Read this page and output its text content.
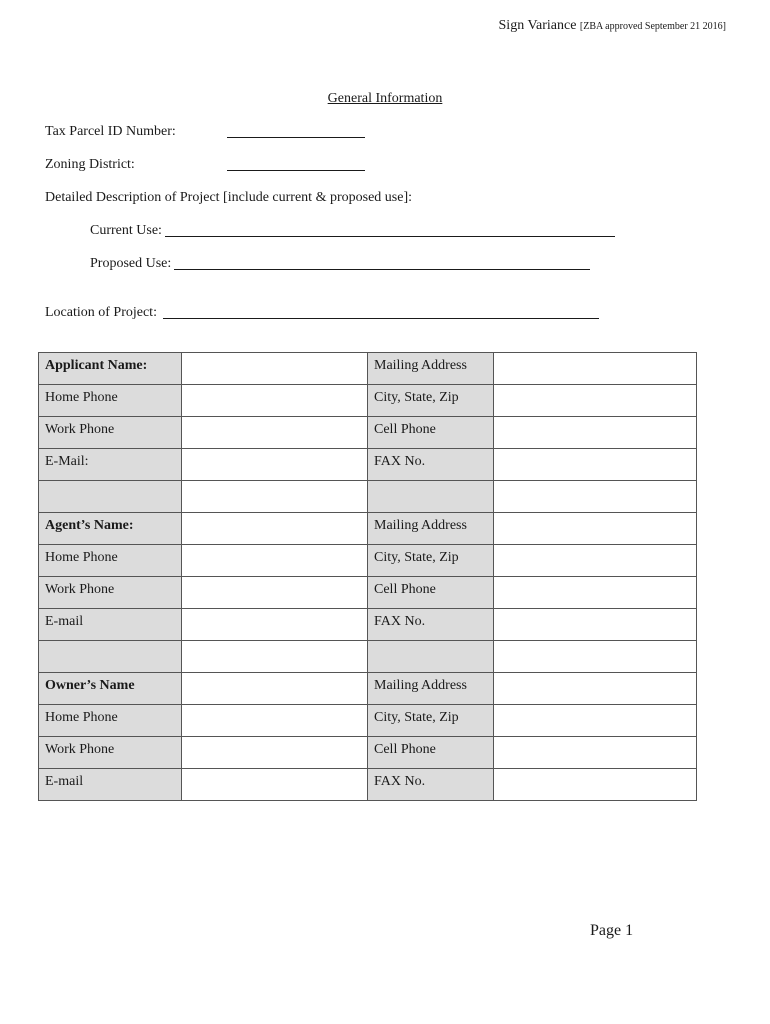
Sign Variance [ZBA approved September 21 2016]
General Information
Tax Parcel ID Number:
Zoning District:
Detailed Description of Project [include current & proposed use]:
Current Use:
Proposed Use:
Location of Project:
Applicant Name:		Mailing Address	
Home Phone		City, State, Zip	
Work Phone		Cell Phone	
E-Mail:		FAX No.	

Agent’s Name:		Mailing Address	
Home Phone		City, State, Zip	
Work Phone		Cell Phone	
E-mail		FAX No.	

Owner’s Name		Mailing Address	
Home Phone		City, State, Zip	
Work Phone		Cell Phone	
E-mail		FAX No.	
Page 1
